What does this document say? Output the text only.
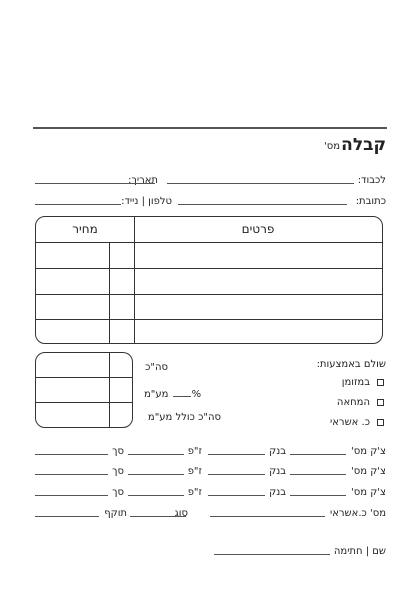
קבלה
מס'
לכבוד:
תאריך:
כתובת:
טלפון | נייד:
פרטים
מחיר
סה"כ
מע"מ %
סה"כ כולל מע"מ
שולם באמצעות:
במזומן
המחאה
כ. אשראי
צ'ק מס'
בנק
ז"פ
סך
צ'ק מס'
בנק
ז"פ
סך
צ'ק מס'
בנק
ז"פ
סך
מס' כ.אשראי
סוג
תוקף
שם | חתימה
